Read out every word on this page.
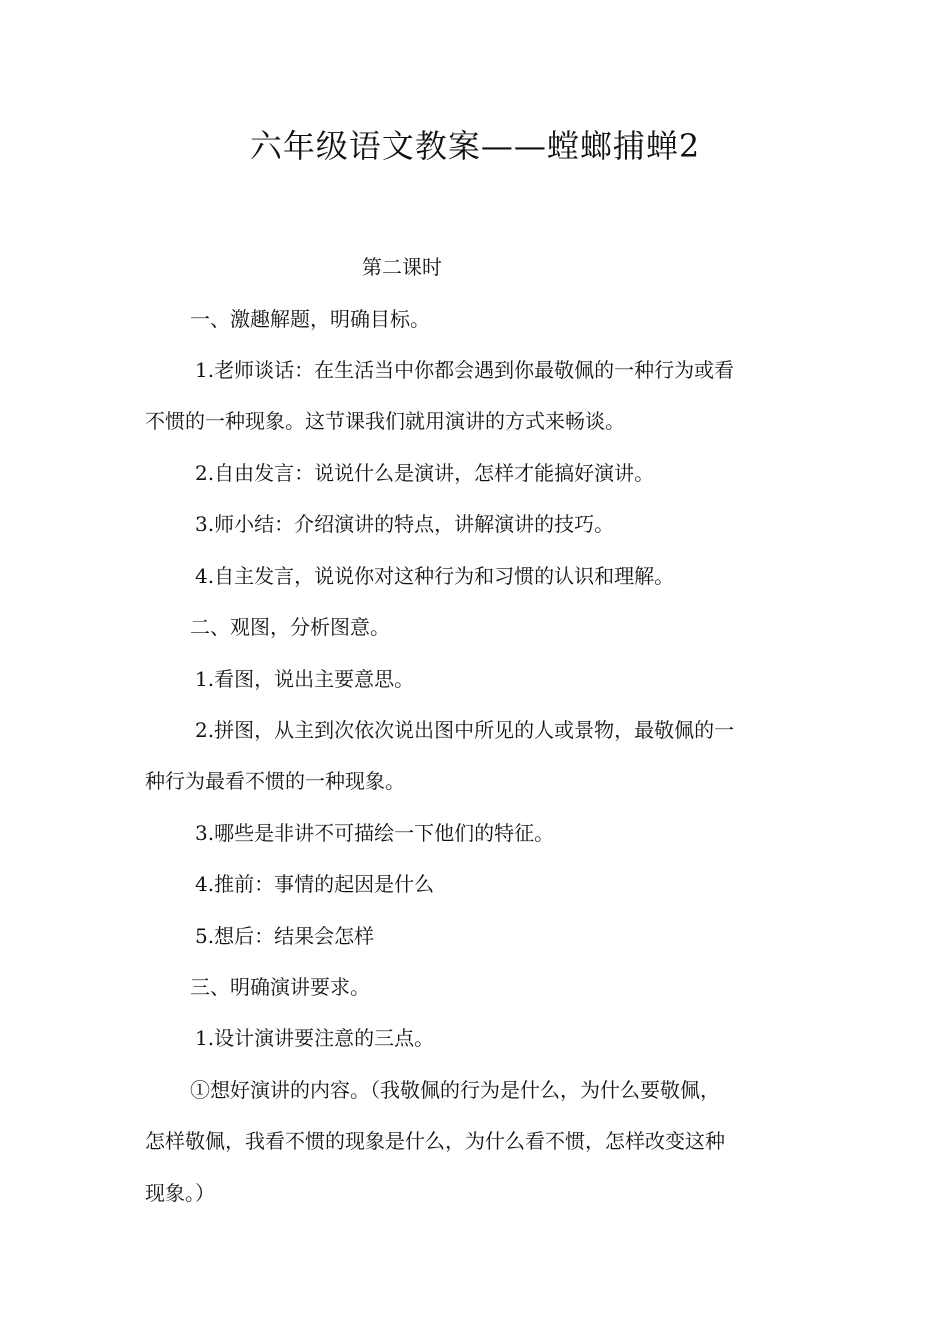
六年级语文教案——螳螂捕蝉2
第二课时
一、激趣解题，明确目标。
1.老师谈话：在生活当中你都会遇到你最敬佩的一种行为或看
不惯的一种现象。这节课我们就用演讲的方式来畅谈。
2.自由发言：说说什么是演讲，怎样才能搞好演讲。
3.师小结：介绍演讲的特点，讲解演讲的技巧。
4.自主发言，说说你对这种行为和习惯的认识和理解。
二、观图，分析图意。
1.看图，说出主要意思。
2.拼图，从主到次依次说出图中所见的人或景物，最敬佩的一
种行为最看不惯的一种现象。
3.哪些是非讲不可描绘一下他们的特征。
4.推前：事情的起因是什么
5.想后：结果会怎样
三、明确演讲要求。
1.设计演讲要注意的三点。
①想好演讲的内容。（我敬佩的行为是什么，为什么要敬佩，
怎样敬佩，我看不惯的现象是什么，为什么看不惯，怎样改变这种
现象。）
